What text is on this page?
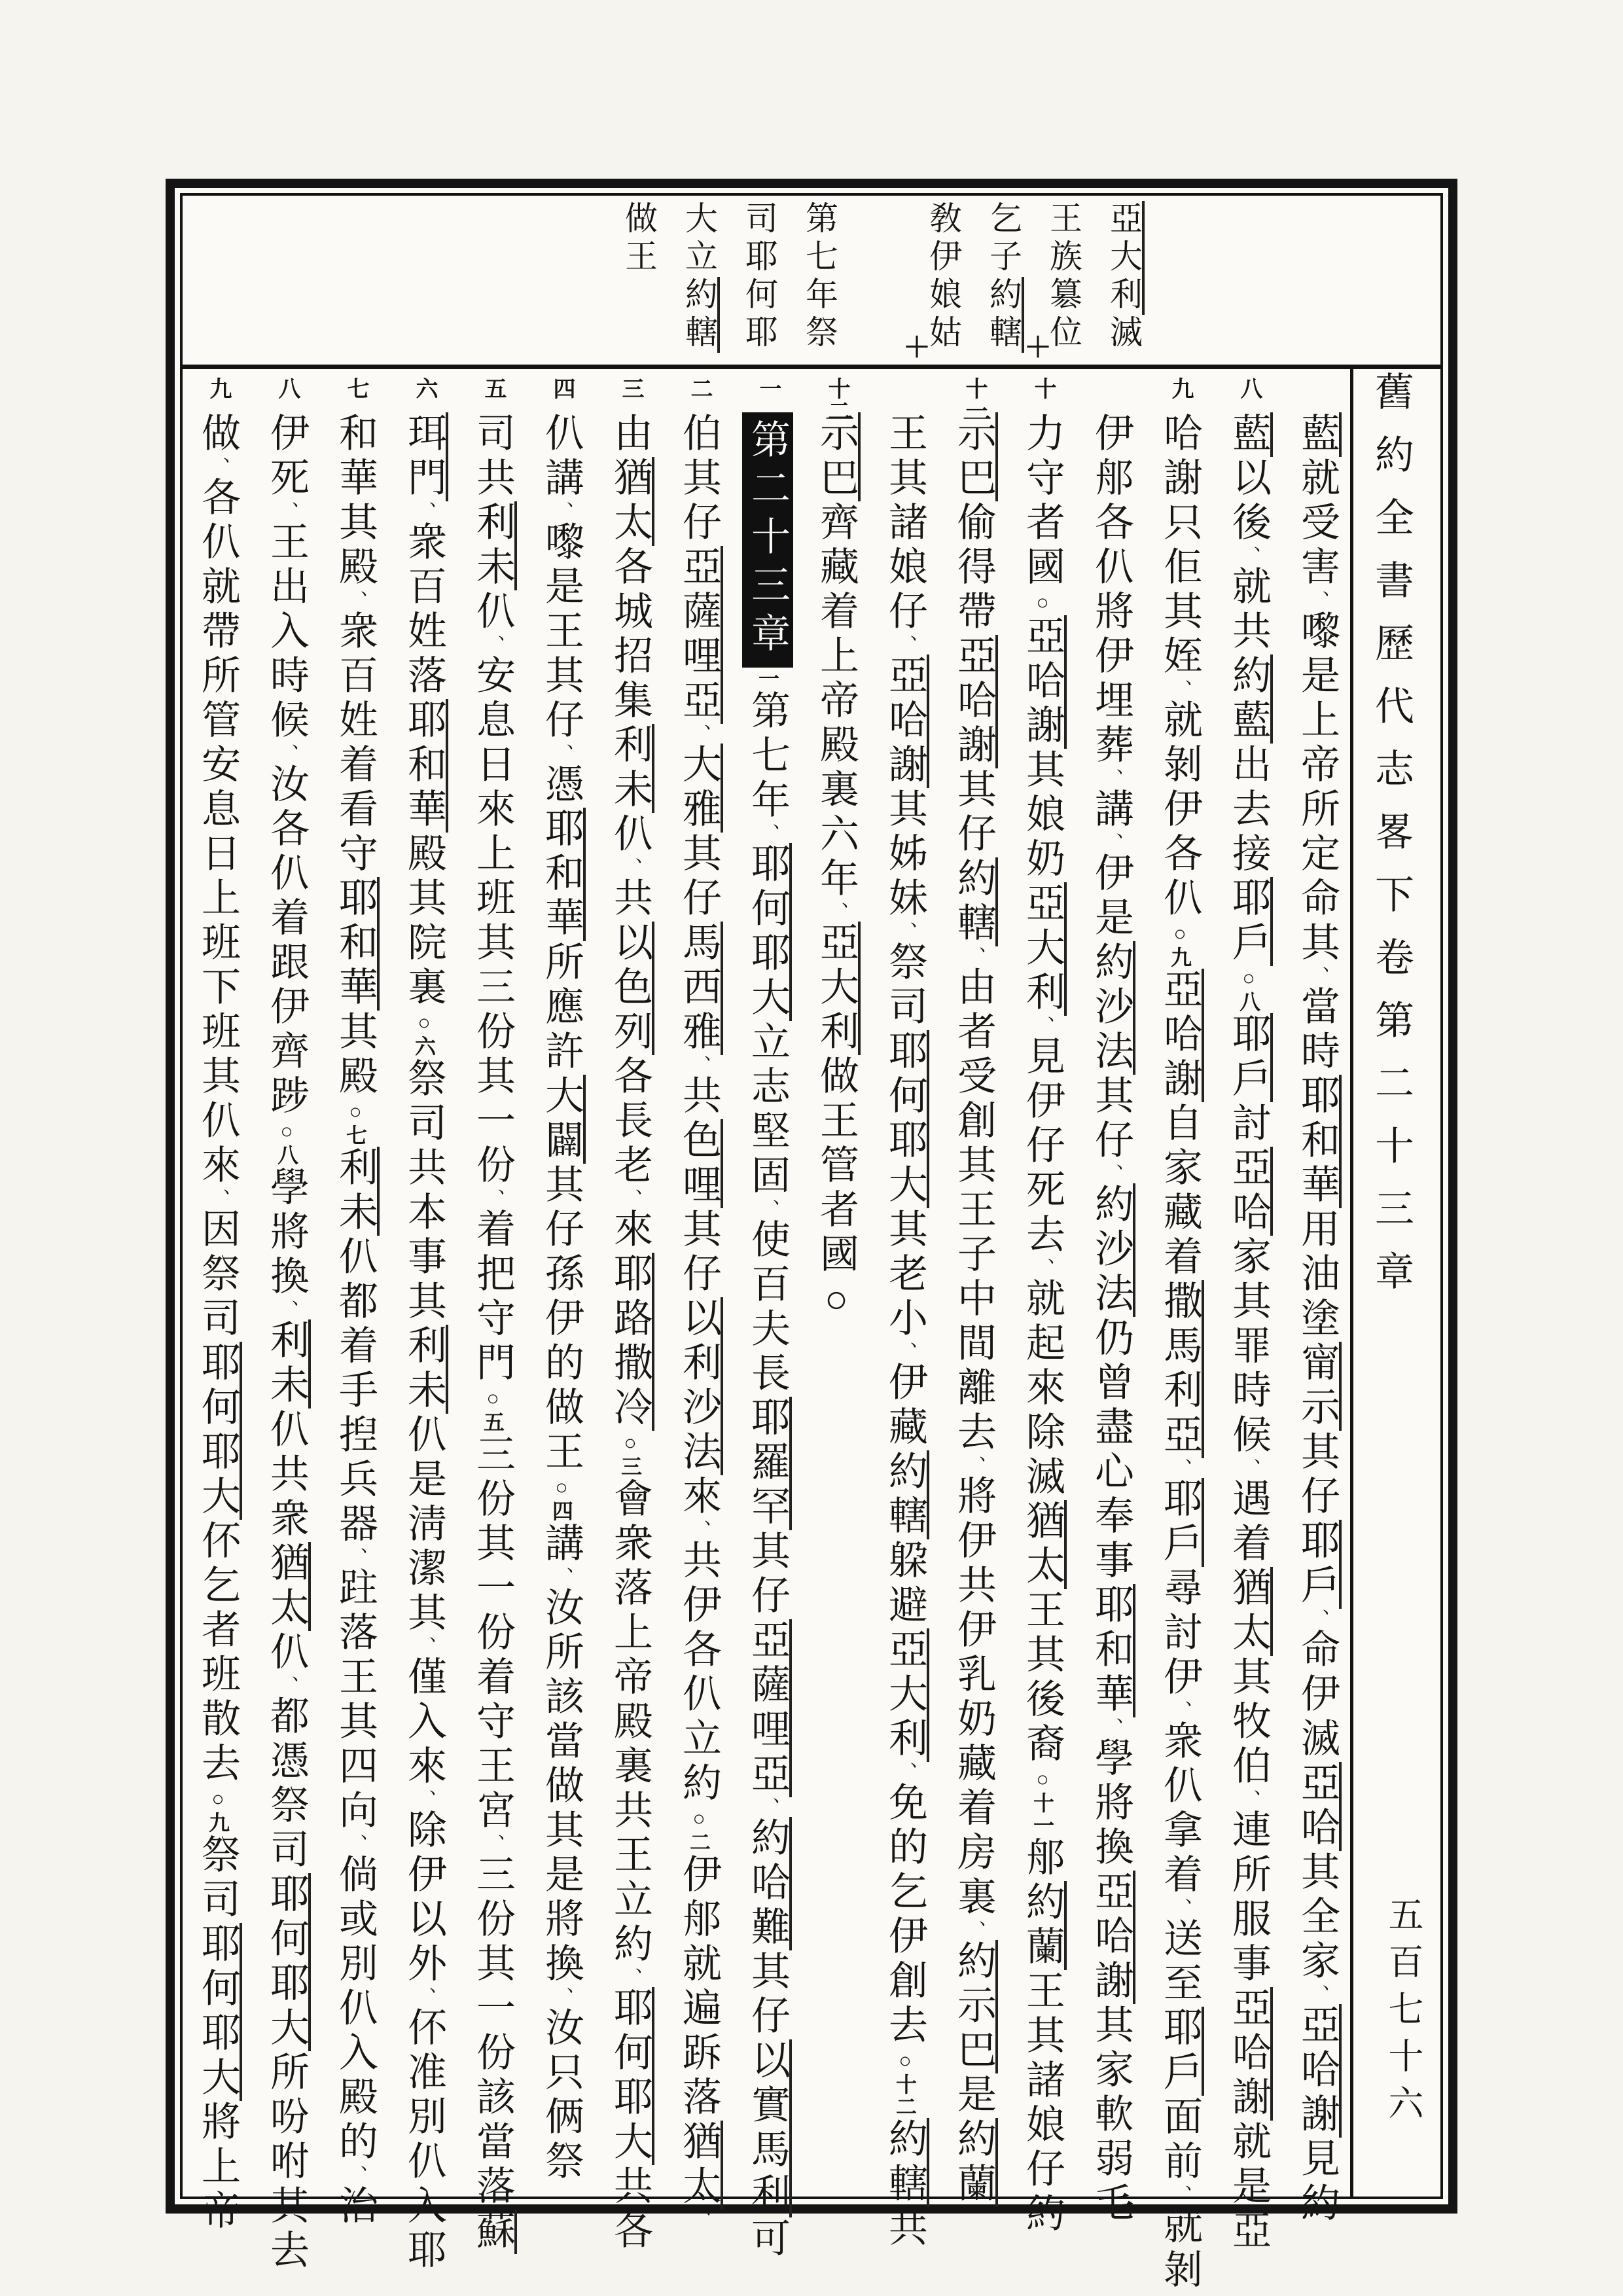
亞大利滅
王族簒位
乞子約轄
敎伊娘姑
第七年祭
司耶何耶
大立約轄
做王
＋	＋
舊約全書歷代志畧下卷第二十三章
五百七十六
藍就受害、嚟是上帝所定命其、當時耶和華用油塗甯示其仔耶戶、命伊滅亞哈其全家、亞哈謝見約
八
藍以後、就共約藍出去接耶戶○八耶戶討亞哈家其罪時候、遇着猶太其牧伯、連所服事亞哈謝就是亞
九
哈謝只佢其姪、就剝伊各仈○九亞哈謝自家藏着撒馬利亞、耶戶尋討伊、衆仈拿着、送至耶戶面前、就剝
伊郍各仈將伊埋葬、講、伊是約沙法其仔、約沙法仍曾盡心奉事耶和華、學將換亞哈謝其家軟弱毛
十
力守者國○亞哈謝其娘奶亞大利、見伊仔死去、就起來除滅猶太王其後裔○十一郍約蘭王其諸娘仔約
十一
示巴偷得帶亞哈謝其仔約轄、由者受創其王子中間離去、將伊共伊乳奶藏着房裏、約示巴是約蘭
王其諸娘仔、亞哈謝其姊妹、祭司耶何耶大其老小、伊藏約轄躱避亞大利、免的乞伊創去○十二約轄共
十二
示巴齊藏着上帝殿裏六年、亞大利做王管者國○
一
第二十三章一第七年、耶何耶大立志堅固、使百夫長耶羅罕其仔亞薩哩亞、約哈難其仔以實馬利可
二
伯其仔亞薩哩亞、大雅其仔馬西雅、共色哩其仔以利沙法來、共伊各仈立約○二伊郍就遍跅落猶太、
三
由猶太各城招集利未仈、共以色列各長老、來耶路撒冷○三會衆落上帝殿裏共王立約、耶何耶大共各
四
仈講、嚟是王其仔、憑耶和華所應許大闢其仔孫伊的做王○四講、汝所該當做其是將換、汝只俩祭
五
司共利未仈、安息日來上班其三份其一份、着把守門○五三份其一份着守王宮、三份其一份該當落蘇
六
珥門、衆百姓落耶和華殿其院裏○六祭司共本事其利未仈是淸潔其、僅入來、除伊以外、伓准別仈入耶
七
和華其殿、衆百姓着看守耶和華其殿○七利未仈都着手揑兵器、跓落王其四向、倘或別仈入殿的、治
八
伊死、王出入時候、汝各仈着跟伊齊踄○八學將換、利未仈共衆猶太仈、都憑祭司耶何耶大所吩咐其去
九
做、各仈就帶所管安息日上班下班其仈來、因祭司耶何耶大伓乞者班散去○九祭司耶何耶大將上帝
